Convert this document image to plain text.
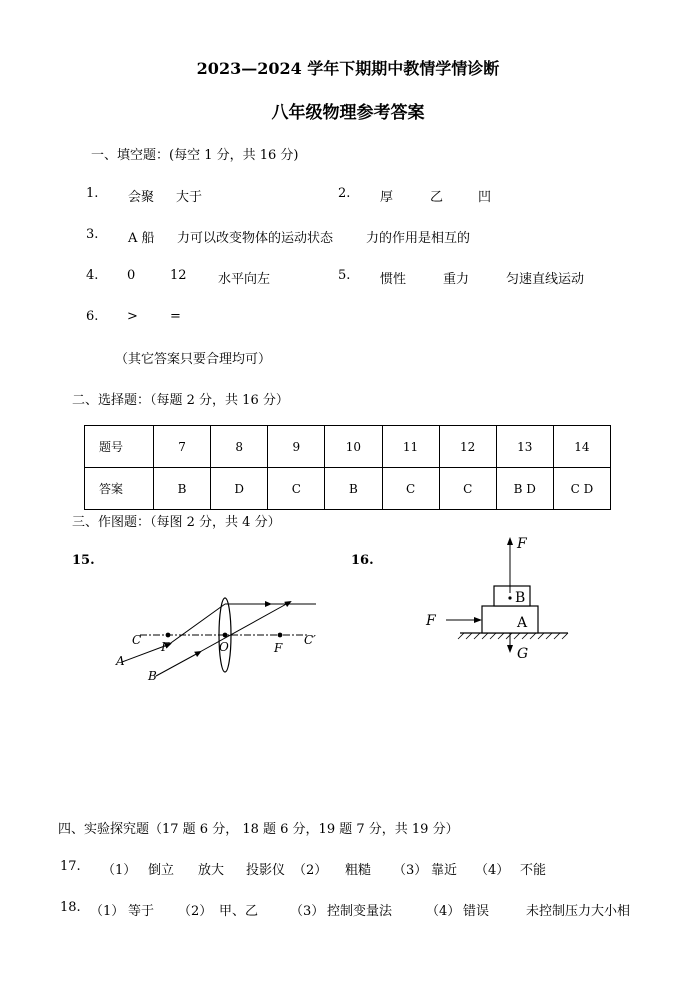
2023—2024 学年下期期中教情学情诊断
八年级物理参考答案
一、填空题：(每空 1 分，共 16 分)
1. 会聚 大于	2. 厚	乙	凹
3. A 船 力可以改变物体的运动状态	力的作用是相互的
4. 0	12 水平向左	5. 惯性	重力	匀速直线运动
6. > =
（其它答案只要合理均可）
二、选择题：（每题 2 分，共 16 分）
题号	7	8	9	10	11	12	13	14
答案	B	D	C	B	C	C	B D	C D
三、作图题：（每图 2 分，共 4 分）
15.	16.
C	C′
A
B
F	O	F
F
F
G
A
B
四、实验探究题（17 题 6 分， 18 题 6 分，19 题 7 分，共 19 分）
17. （1） 倒立 放大 投影仪 （2） 粗糙 （3） 靠近 （4） 不能
18. （1） 等于 （2） 甲、乙 （3） 控制变量法	（4） 错误	未控制压力大小相
